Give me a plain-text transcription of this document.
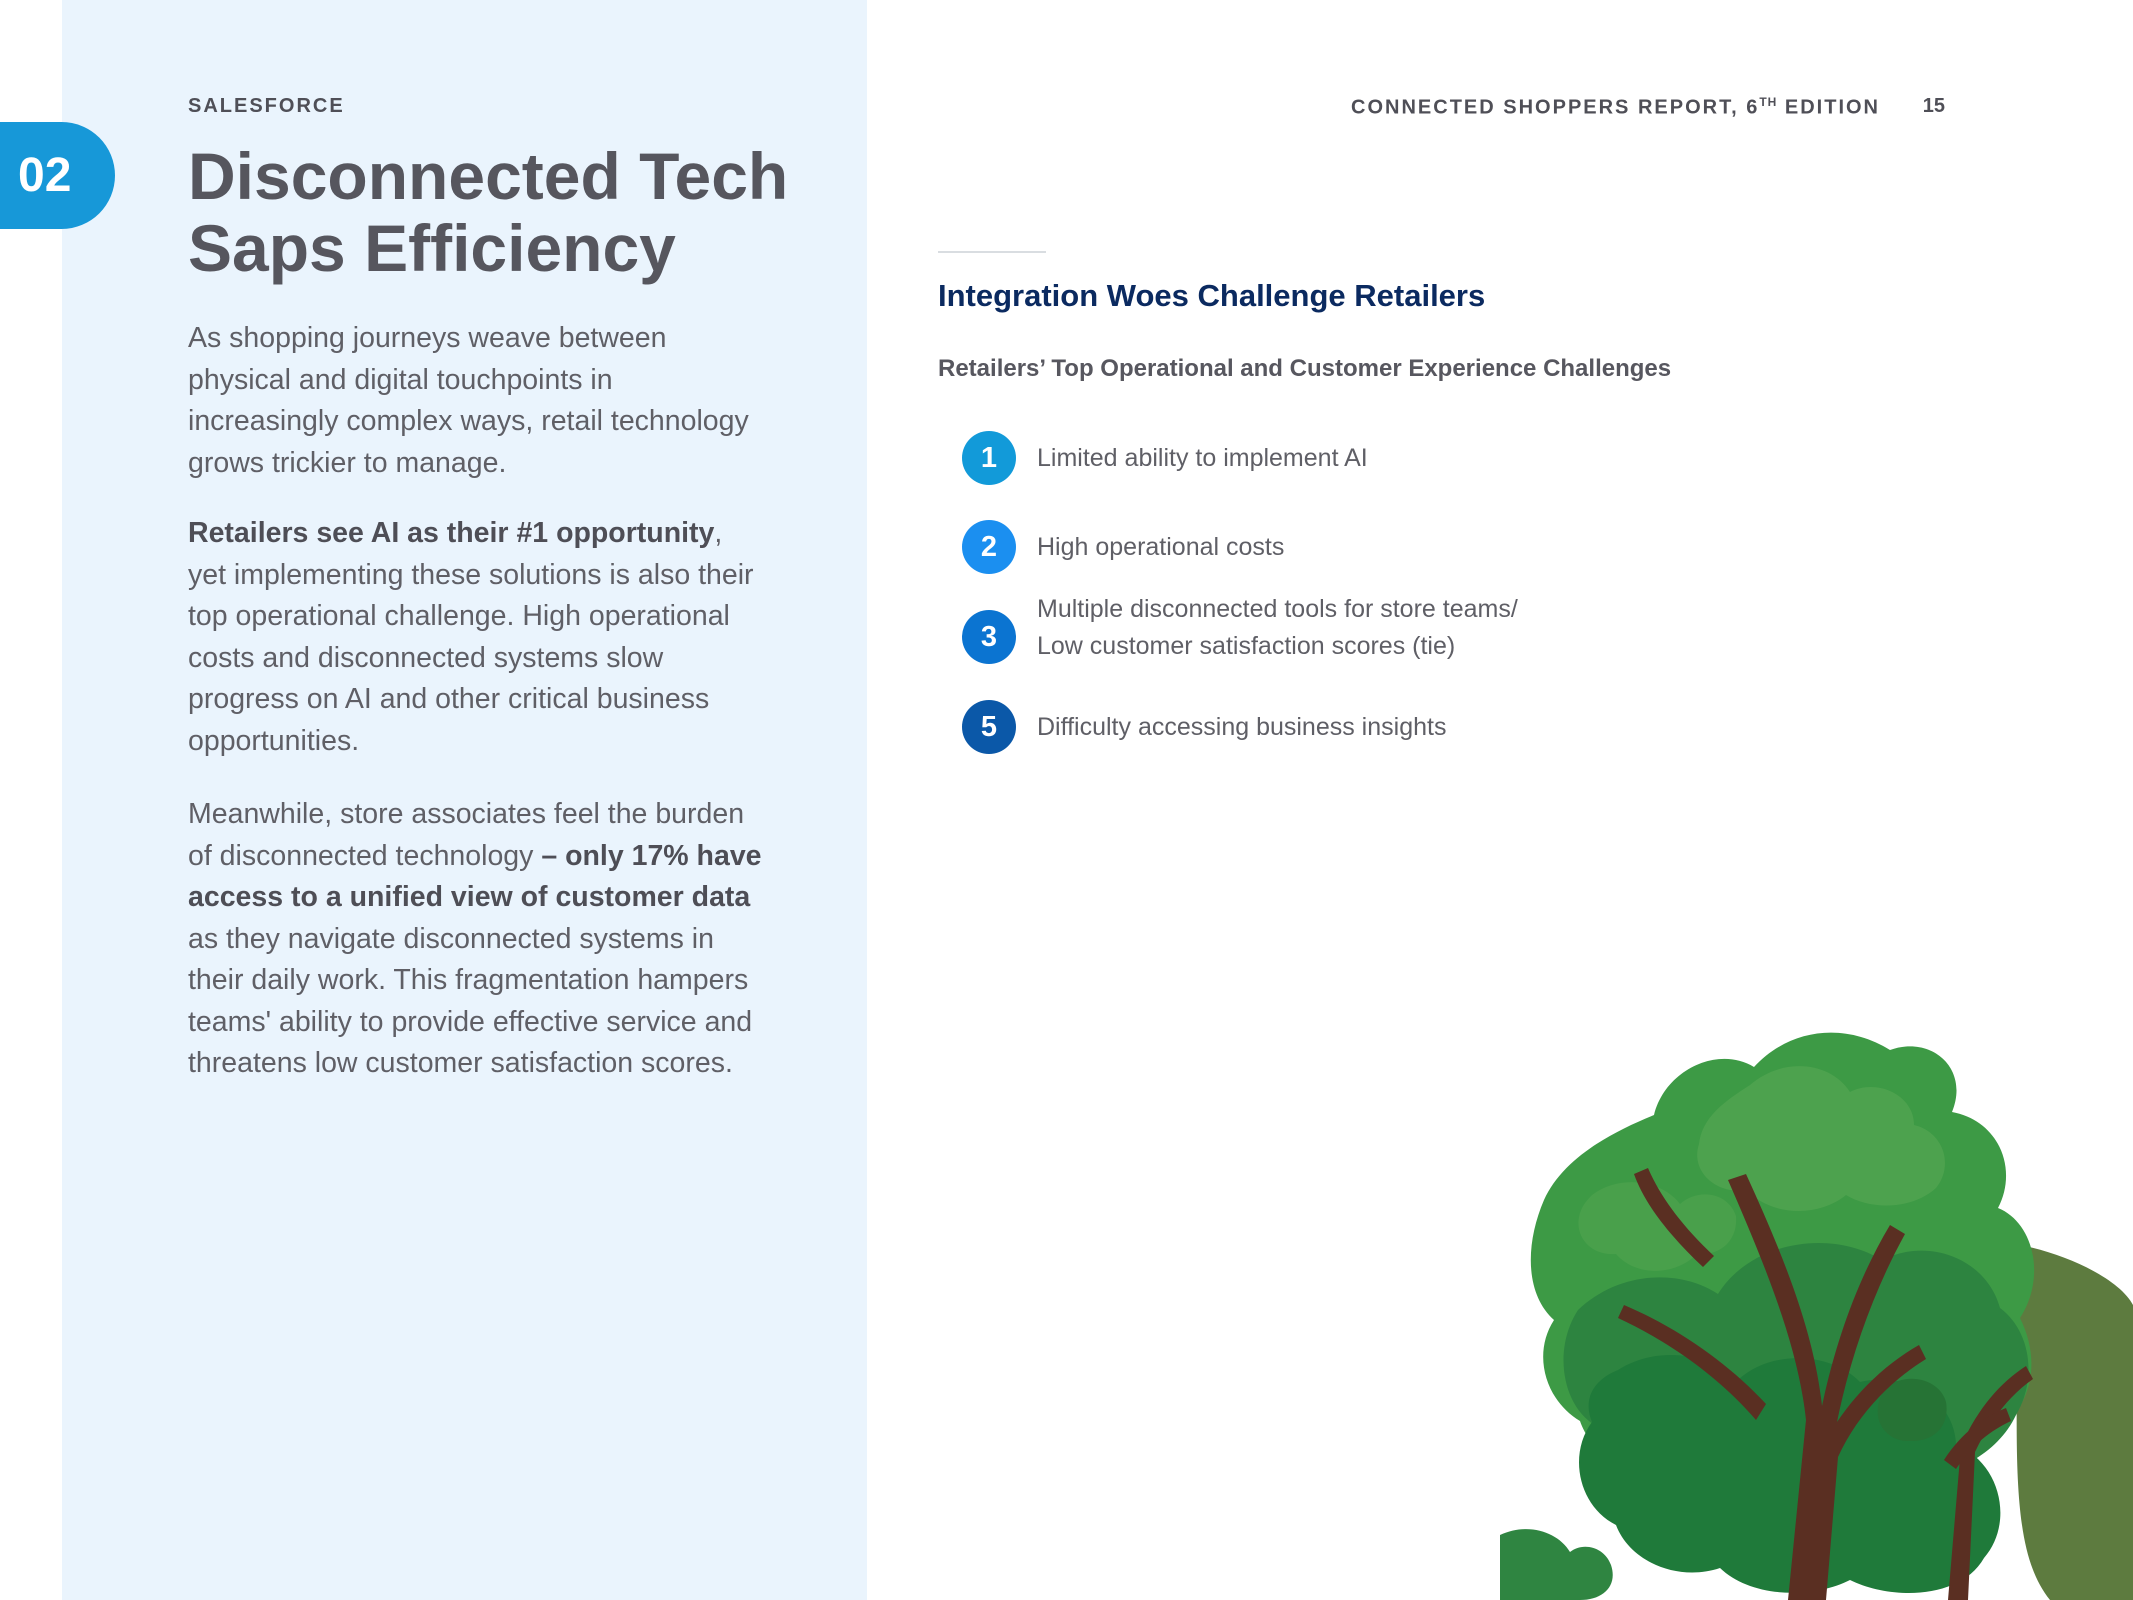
SALESFORCE	CONNECTED SHOPPERS REPORT, 6TH EDITION 15
02	Disconnected Tech
Saps Efficiency

As shopping journeys weave between physical and digital touchpoints in increasingly complex ways, retail technology grows trickier to manage.

Retailers see AI as their #1 opportunity, yet implementing these solutions is also their top operational challenge. High operational costs and disconnected systems slow progress on AI and other critical business opportunities.

Meanwhile, store associates feel the burden of disconnected technology – only 17% have access to a unified view of customer data as they navigate disconnected systems in their daily work. This fragmentation hampers teams' ability to provide effective service and threatens low customer satisfaction scores.

Integration Woes Challenge Retailers
Retailers’ Top Operational and Customer Experience Challenges
1	Limited ability to implement AI
2	High operational costs
3
Multiple disconnected tools for store teams/
Low customer satisfaction scores (tie)
5	Difficulty accessing business insights
